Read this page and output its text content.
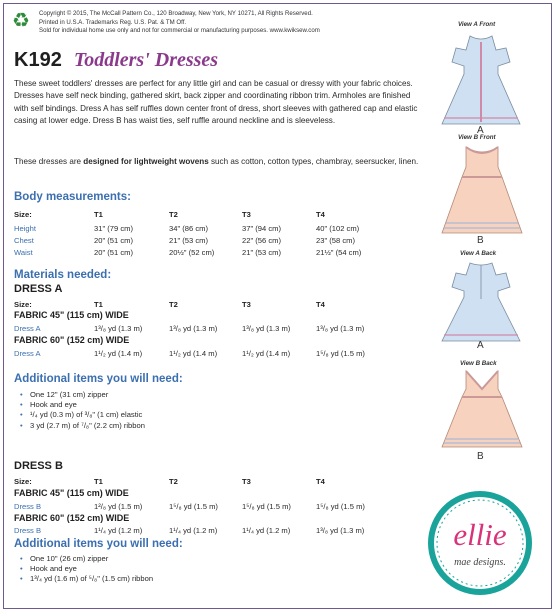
♻	Copyright © 2015, The McCall Pattern Co., 120 Broadway, New York, NY 10271, All Rights Reserved.
Printed in U.S.A. Trademarks Reg. U.S. Pat. & TM Off.
Sold for individual home use only and not for commercial or manufacturing purposes. www.kwiksew.com
K192 Toddlers' Dresses
These sweet toddlers' dresses are perfect for any little girl and can be casual or dressy with your fabric choices. Dresses have self neck binding, gathered skirt, back zipper and coordinating ribbon trim. Armholes are finished with self bindings. Dress A has self ruffles down center front of dress, short sleeves with gathered cap and elastic casing at lower edge. Dress B has waist ties, self ruffle around neckline and is sleeveless.
These dresses are designed for lightweight wovens such as cotton, cotton types, chambray, seersucker, linen.
Body measurements:
Size:	T1	T2	T3	T4
Height	31" (79 cm)	34" (86 cm)	37" (94 cm)	40" (102 cm)
Chest	20" (51 cm)	21" (53 cm)	22" (56 cm)	23" (58 cm)
Waist	20" (51 cm)	20½" (52 cm)	21" (53 cm)	21½" (54 cm)
Materials needed:
DRESS A
Size:	T1	T2	T3	T4
FABRIC 45" (115 cm) WIDE
Dress A	1³/₈ yd (1.3 m)	1³/₈ yd (1.3 m)	1³/₈ yd (1.3 m)	1³/₈ yd (1.3 m)
FABRIC 60" (152 cm) WIDE
Dress A	1¹/₂ yd (1.4 m)	1¹/₂ yd (1.4 m)	1¹/₂ yd (1.4 m)	1⁵/₈ yd (1.5 m)
Additional items you will need:
• One 12" (31 cm) zipper
• Hook and eye
• ¹/₄ yd (0.3 m) of ³/₈" (1 cm) elastic
• 3 yd (2.7 m) of ⁷/₈" (2.2 cm) ribbon
DRESS B
Size:	T1	T2	T3	T4
FABRIC 45" (115 cm) WIDE
Dress B	1²/₈ yd (1.5 m)	1⁵/₈ yd (1.5 m)	1⁵/₈ yd (1.5 m)	1⁵/₈ yd (1.5 m)
FABRIC 60" (152 cm) WIDE
Dress B	1¹/₄ yd (1.2 m)	1¹/₄ yd (1.2 m)	1¹/₄ yd (1.2 m)	1³/₈ yd (1.3 m)
Additional items you will need:
• One 10" (26 cm) zipper
• Hook and eye
• 1³/₄ yd (1.6 m) of ⁵/₈" (1.5 cm) ribbon
View A Front
A
View B Front
B
View A Back
A
View B Back
B
ellie
mae designs.
